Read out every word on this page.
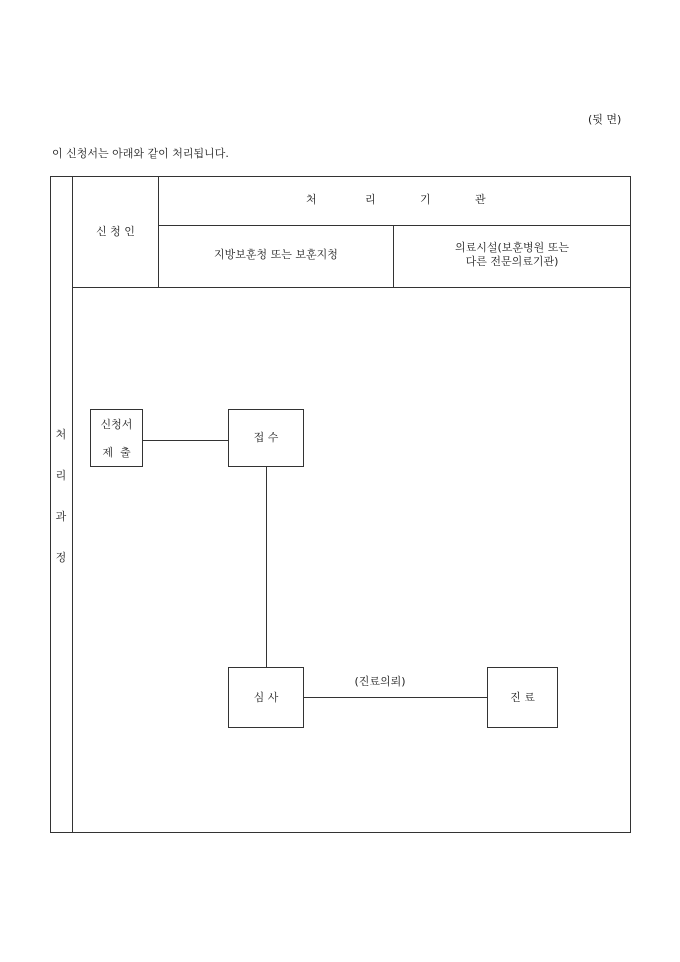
(뒷 면)
이 신청서는 아래와 같이 처리됩니다.
처
리
과
정
신 청 인
처	리	기	관
지방보훈청 또는 보훈지청
의료시설(보훈병원 또는
다른 전문의료기관)
신청서
제  출
접 수
심 사
(진료의뢰)
진 료
